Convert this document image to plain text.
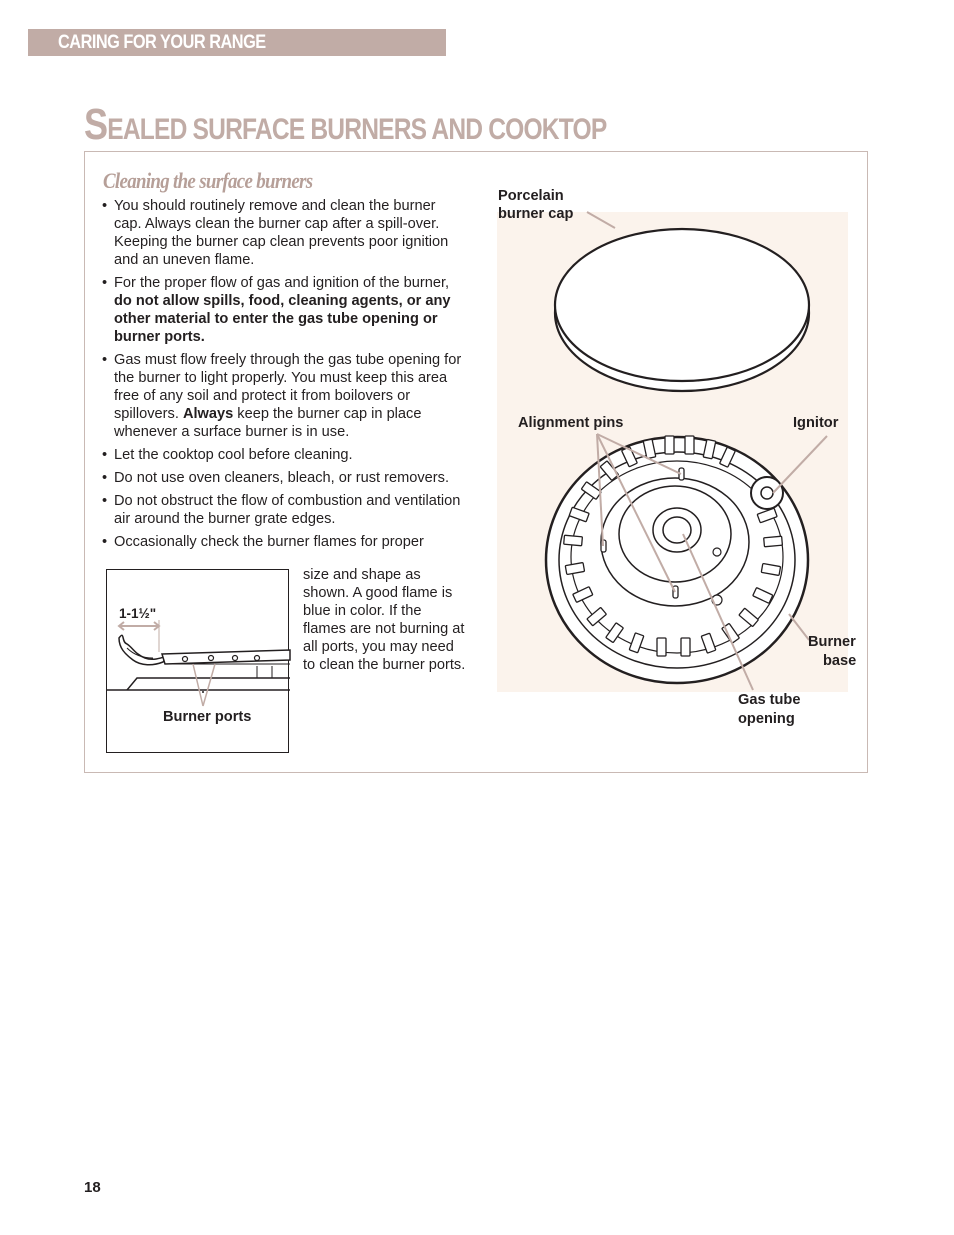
CARING FOR YOUR RANGE
SEALED SURFACE BURNERS AND COOKTOP
Cleaning the surface burners
• You should routinely remove and clean the burner cap. Always clean the burner cap after a spill-over. Keeping the burner cap clean prevents poor ignition and an uneven flame.
• For the proper flow of gas and ignition of the burner, do not allow spills, food, cleaning agents, or any other material to enter the gas tube opening or burner ports.
• Gas must flow freely through the gas tube opening for the burner to light properly. You must keep this area free of any soil and protect it from boilovers or spillovers. Always keep the burner cap in place whenever a surface burner is in use.
• Let the cooktop cool before cleaning.
• Do not use oven cleaners, bleach, or rust removers.
• Do not obstruct the flow of combustion and ventilation air around the burner grate edges.
• Occasionally check the burner flames for proper
size and shape as shown. A good flame is blue in color. If the flames are not burning at all ports, you may need to clean the burner ports.
1-1½"
Burner ports
Porcelain
burner cap
Alignment pins	Ignitor
Burner
base
Gas tube
opening
18
